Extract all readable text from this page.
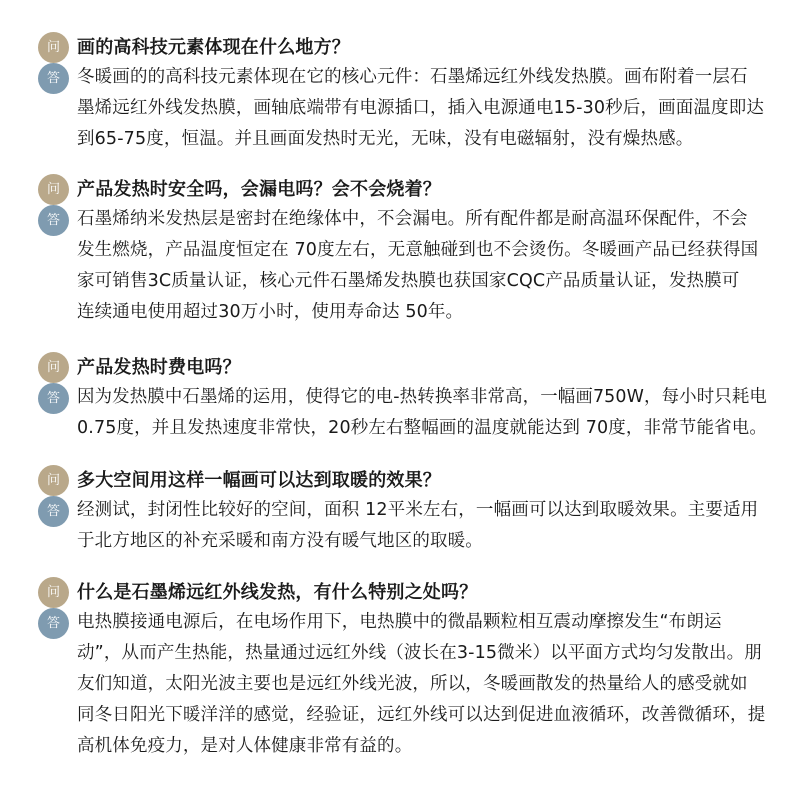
问 画的高科技元素体现在什么地方？
答 冬暖画的的高科技元素体现在它的核心元件：石墨烯远红外线发热膜。画布附着一层石
墨烯远红外线发热膜，画轴底端带有电源插口，插入电源通电15-30秒后，画面温度即达
到65-75度，恒温。并且画面发热时无光，无味，没有电磁辐射，没有燥热感。
问 产品发热时安全吗，会漏电吗？会不会烧着？
答 石墨烯纳米发热层是密封在绝缘体中，不会漏电。所有配件都是耐高温环保配件，不会
发生燃烧，产品温度恒定在 70度左右，无意触碰到也不会烫伤。冬暖画产品已经获得国
家可销售3C质量认证，核心元件石墨烯发热膜也获国家CQC产品质量认证，发热膜可
连续通电使用超过30万小时，使用寿命达 50年。
问 产品发热时费电吗？
答 因为发热膜中石墨烯的运用，使得它的电-热转换率非常高，一幅画750W，每小时只耗电
0.75度，并且发热速度非常快，20秒左右整幅画的温度就能达到 70度，非常节能省电。
问 多大空间用这样一幅画可以达到取暖的效果？
答 经测试，封闭性比较好的空间，面积 12平米左右，一幅画可以达到取暖效果。主要适用
于北方地区的补充采暖和南方没有暖气地区的取暖。
问 什么是石墨烯远红外线发热，有什么特别之处吗？
答 电热膜接通电源后，在电场作用下，电热膜中的微晶颗粒相互震动摩擦发生“布朗运
动”，从而产生热能，热量通过远红外线（波长在3-15微米）以平面方式均匀发散出。朋
友们知道，太阳光波主要也是远红外线光波，所以，冬暖画散发的热量给人的感受就如
同冬日阳光下暖洋洋的感觉，经验证，远红外线可以达到促进血液循环，改善微循环，提
高机体免疫力，是对人体健康非常有益的。
